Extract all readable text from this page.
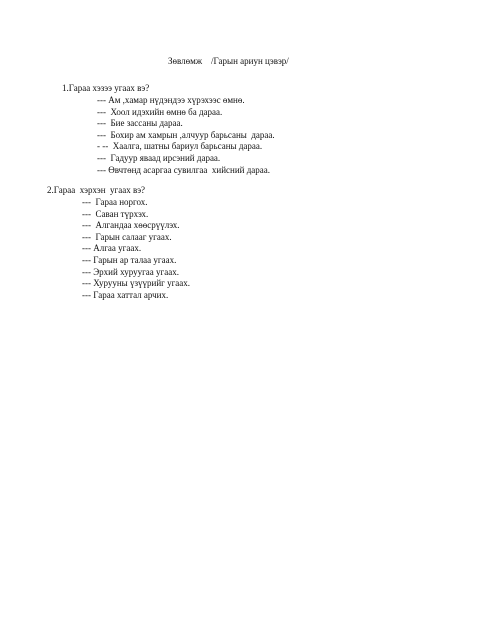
Зөвлөмж    /Гарын ариун цэвэр/
1.Гараа хэзээ угаах вэ?
--- Ам ,хамар нүдэндээ хүрэхээс өмнө.
---  Хоол идэхийн өмнө ба дараа.
---  Бие зассаны дараа.
---  Бохир ам хамрын ,алчуур барьсаны  дараа.
- --  Хаалга, шатны бариул барьсаны дараа.
---  Гадуур яваад ирсэний дараа.
--- Өвчтөнд асаргаа сувилгаа  хийсний дараа.
2.Гараа  хэрхэн  угаах вэ?
---  Гараа норгох.
---  Саван түрхэх.
---  Алгандаа хөөсрүүлэх.
---  Гарын салааг угаах.
--- Алгаа угаах.
--- Гарын ар талаа угаах.
--- Эрхий хуруугаа угаах.
--- Хурууны үзүүрийг угаах.
--- Гараа хаттал арчих.
